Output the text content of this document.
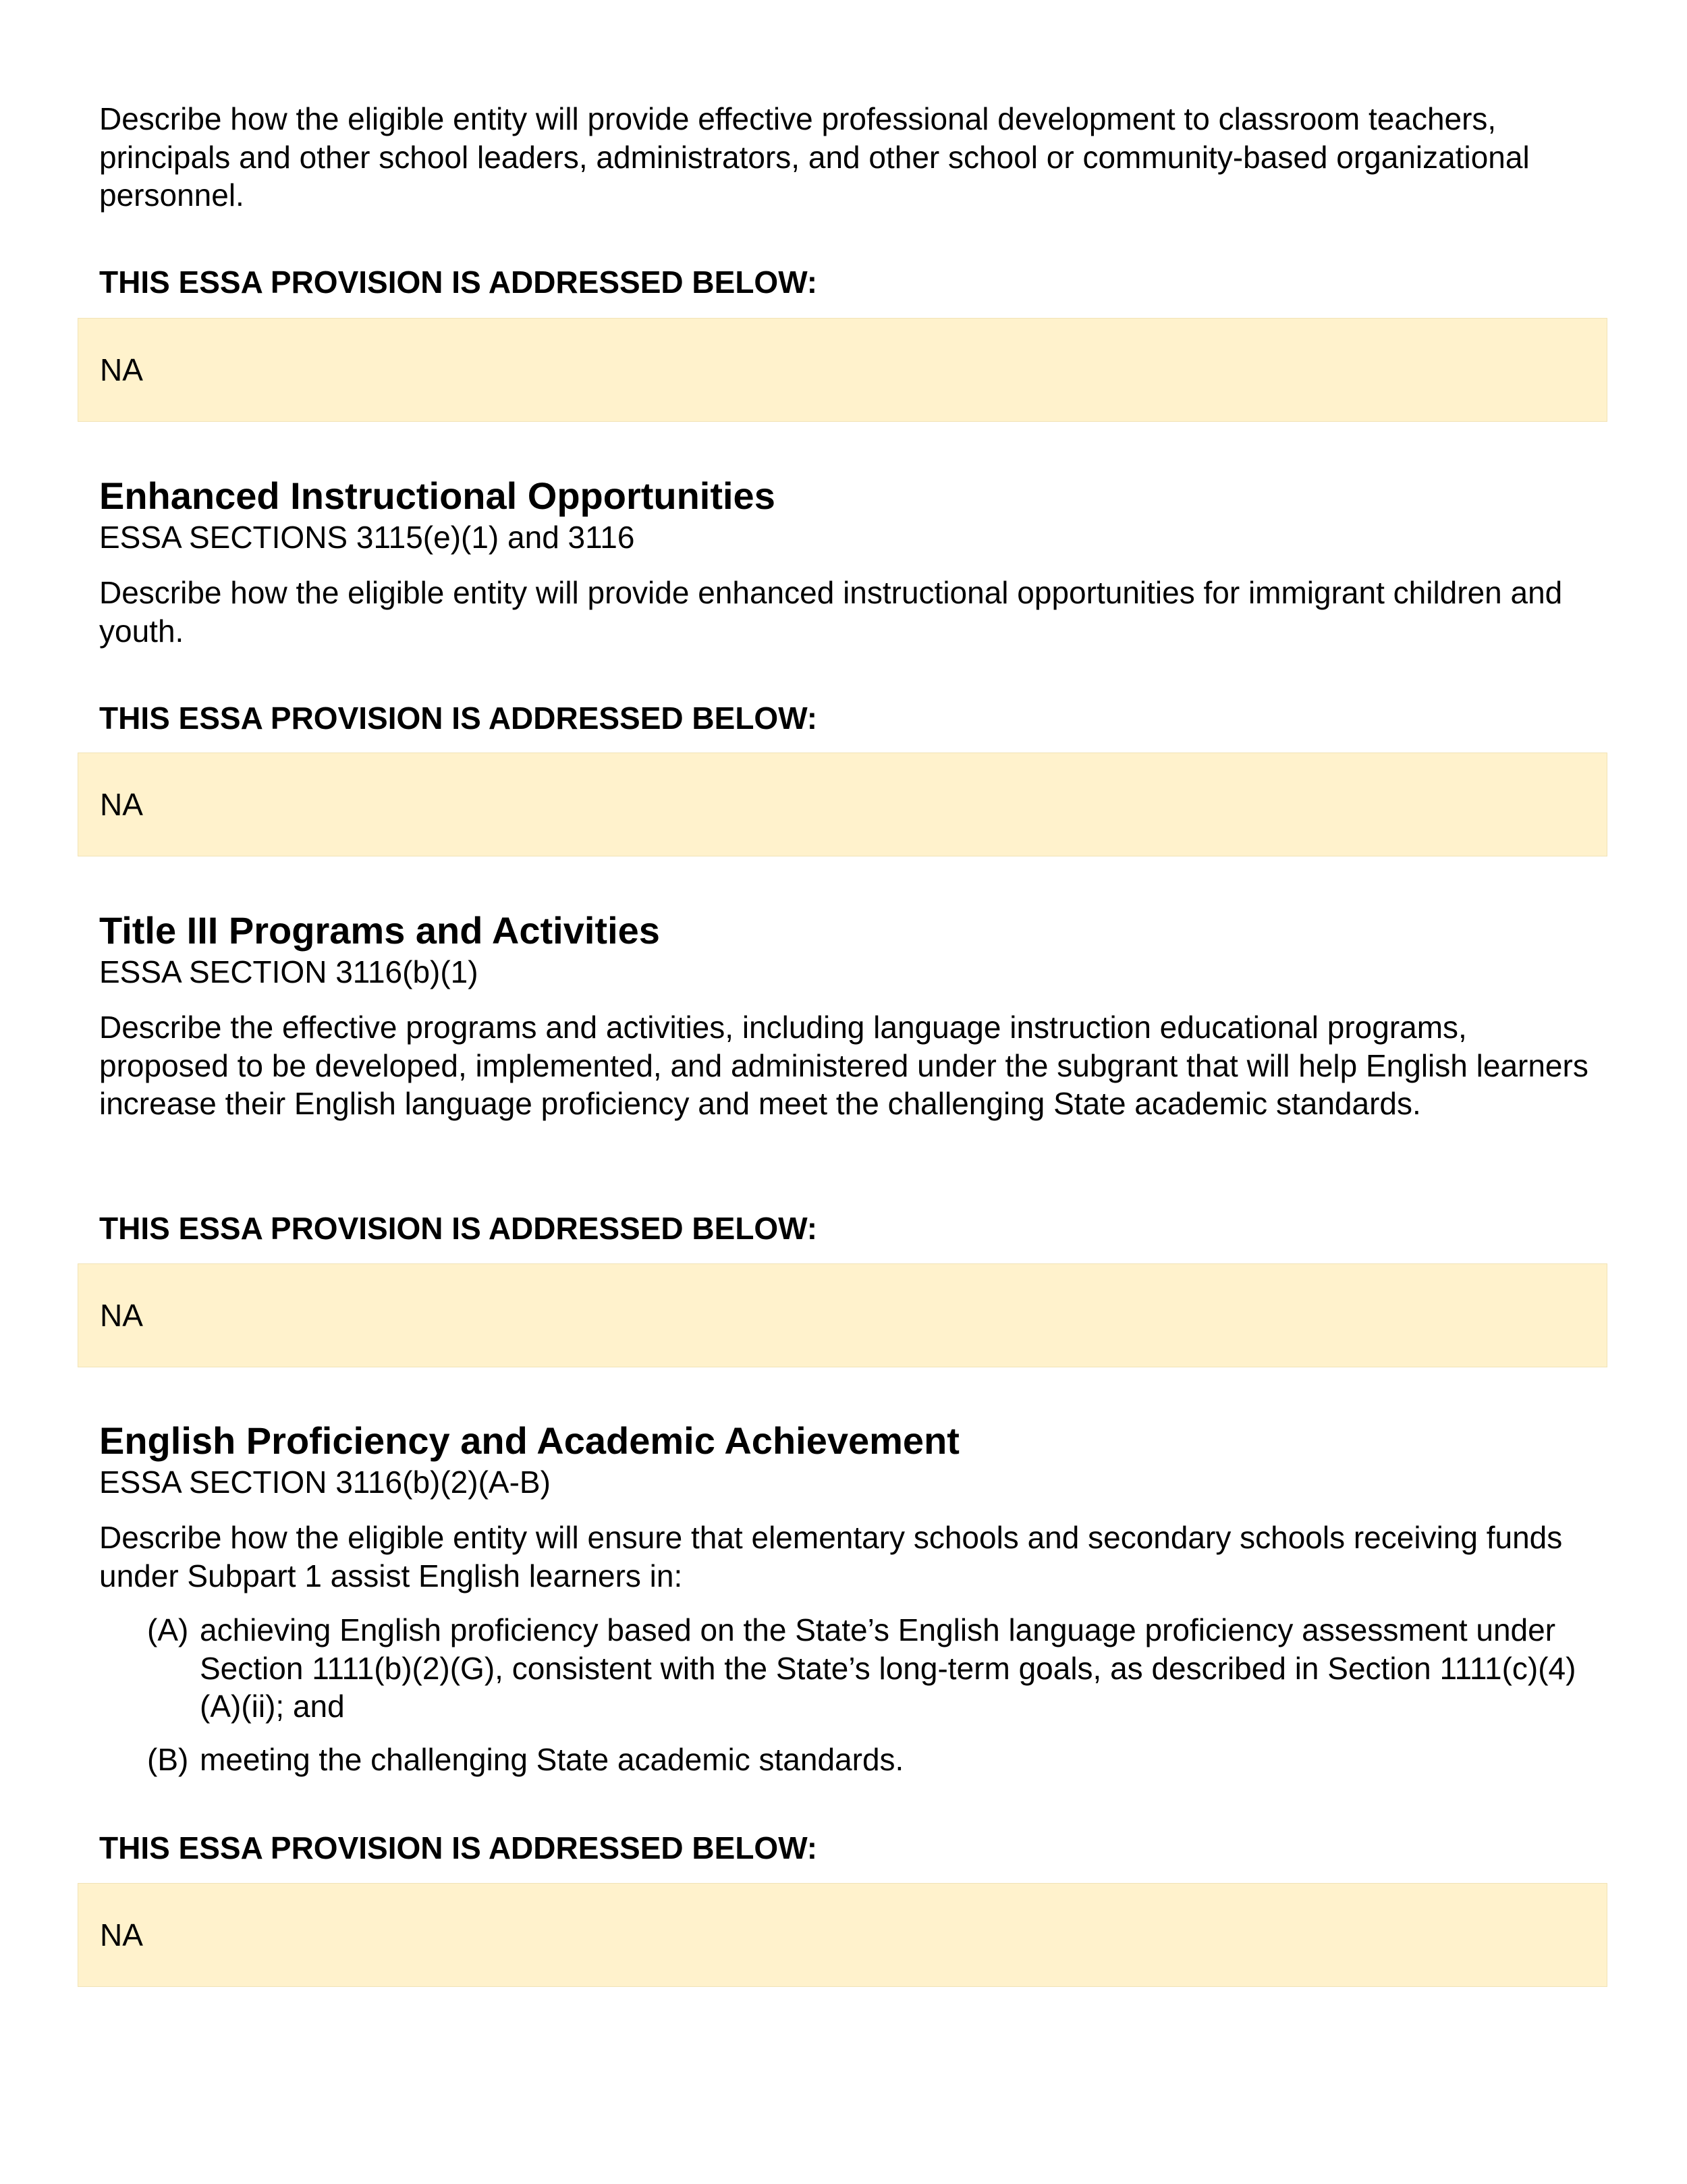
Describe how the eligible entity will provide effective professional development to classroom teachers, principals and other school leaders, administrators, and other school or community-based organizational personnel.

THIS ESSA PROVISION IS ADDRESSED BELOW:

NA
Enhanced Instructional Opportunities

ESSA SECTIONS 3115(e)(1) and 3116

Describe how the eligible entity will provide enhanced instructional opportunities for immigrant children and youth.

THIS ESSA PROVISION IS ADDRESSED BELOW:

NA
Title III Programs and Activities

ESSA SECTION 3116(b)(1)

Describe the effective programs and activities, including language instruction educational programs, proposed to be developed, implemented, and administered under the subgrant that will help English learners increase their English language proficiency and meet the challenging State academic standards.

THIS ESSA PROVISION IS ADDRESSED BELOW:

NA
English Proficiency and Academic Achievement

ESSA SECTION 3116(b)(2)(A-B)

Describe how the eligible entity will ensure that elementary schools and secondary schools receiving funds under Subpart 1 assist English learners in:

(A) achieving English proficiency based on the State’s English language proficiency assessment under Section 1111(b)(2)(G), consistent with the State’s long-term goals, as described in Section 1111(c)(4)(A)(ii); and
(B) meeting the challenging State academic standards.

THIS ESSA PROVISION IS ADDRESSED BELOW:

NA
